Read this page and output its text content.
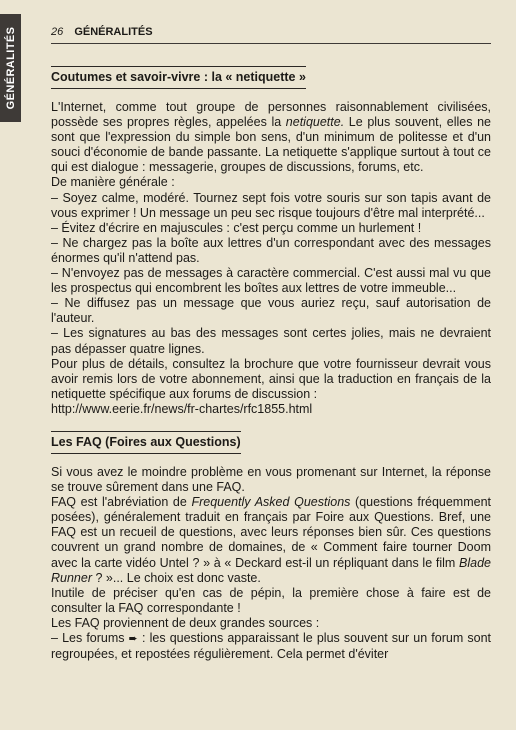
GÉNÉRALITÉS	26 GÉNÉRALITÉS
Coutumes et savoir-vivre : la « netiquette »

L'Internet, comme tout groupe de personnes raisonnablement civilisées, possède ses propres règles, appelées la netiquette. Le plus souvent, elles ne sont que l'expression du simple bon sens, d'un minimum de politesse et d'un souci d'économie de bande passante. La netiquette s'applique surtout à tout ce qui est dialogue : messagerie, groupes de discussions, forums, etc.

De manière générale :

– Soyez calme, modéré. Tournez sept fois votre souris sur son tapis avant de vous exprimer ! Un message un peu sec risque toujours d'être mal interprété...

– Évitez d'écrire en majuscules : c'est perçu comme un hurlement !

– Ne chargez pas la boîte aux lettres d'un correspondant avec des messages énormes qu'il n'attend pas.

– N'envoyez pas de messages à caractère commercial. C'est aussi mal vu que les prospectus qui encombrent les boîtes aux lettres de votre immeuble...

– Ne diffusez pas un message que vous auriez reçu, sauf autorisation de l'auteur.

– Les signatures au bas des messages sont certes jolies, mais ne devraient pas dépasser quatre lignes.

Pour plus de détails, consultez la brochure que votre fournisseur devrait vous avoir remis lors de votre abonnement, ainsi que la traduction en français de la netiquette spécifique aux forums de discussion :

http://www.eerie.fr/news/fr-chartes/rfc1855.html

Les FAQ (Foires aux Questions)

Si vous avez le moindre problème en vous promenant sur Internet, la réponse se trouve sûrement dans une FAQ.

FAQ est l'abréviation de Frequently Asked Questions (questions fréquemment posées), généralement traduit en français par Foire aux Questions. Bref, une FAQ est un recueil de questions, avec leurs réponses bien sûr. Ces questions couvrent un grand nombre de domaines, de « Comment faire tourner Doom avec la carte vidéo Untel ? » à « Deckard est-il un répliquant dans le film Blade Runner ? »... Le choix est donc vaste.

Inutile de préciser qu'en cas de pépin, la première chose à faire est de consulter la FAQ correspondante !

Les FAQ proviennent de deux grandes sources :

– Les forums ➨ : les questions apparaissant le plus souvent sur un forum sont regroupées, et repostées régulièrement. Cela permet d'éviter
